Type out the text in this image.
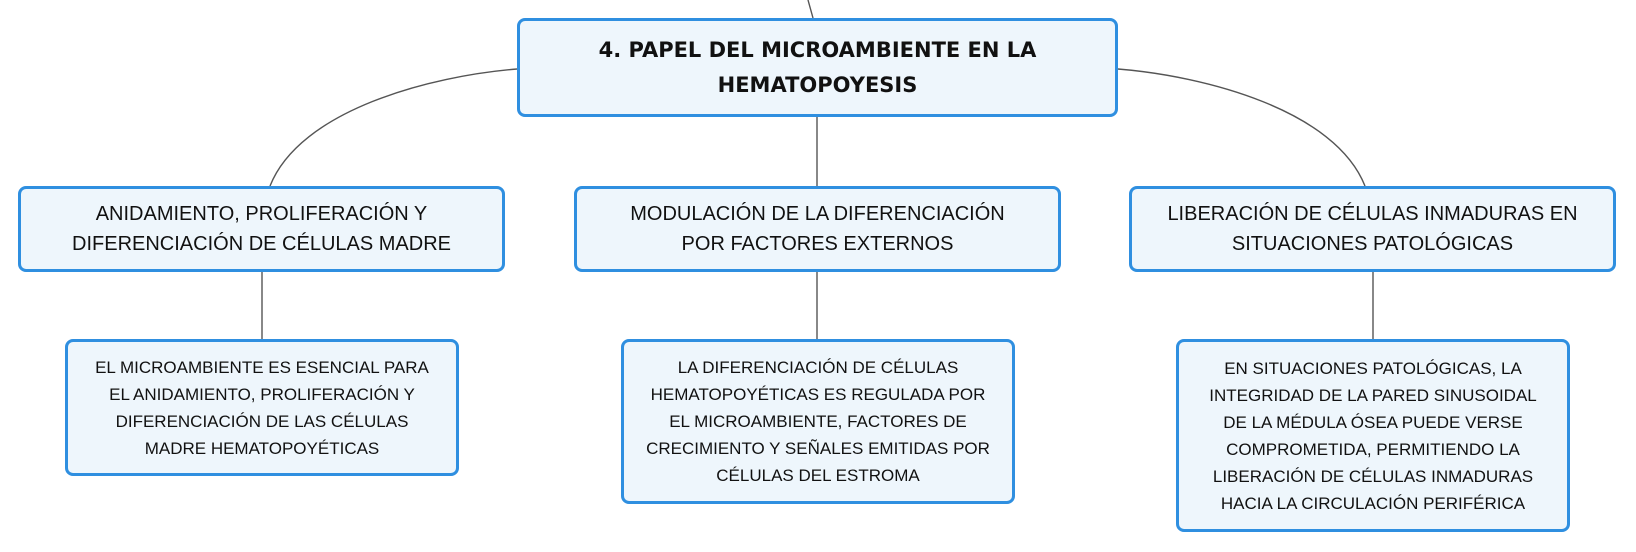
4. PAPEL DEL MICROAMBIENTE EN LA HEMATOPOYESIS
ANIDAMIENTO, PROLIFERACIÓN Y DIFERENCIACIÓN DE CÉLULAS MADRE
MODULACIÓN DE LA DIFERENCIACIÓN POR FACTORES EXTERNOS
LIBERACIÓN DE CÉLULAS INMADURAS EN SITUACIONES PATOLÓGICAS
EL MICROAMBIENTE ES ESENCIAL PARA EL ANIDAMIENTO, PROLIFERACIÓN Y DIFERENCIACIÓN DE LAS CÉLULAS MADRE HEMATOPOYÉTICAS
LA DIFERENCIACIÓN DE CÉLULAS HEMATOPOYÉTICAS ES REGULADA POR EL MICROAMBIENTE, FACTORES DE CRECIMIENTO Y SEÑALES EMITIDAS POR CÉLULAS DEL ESTROMA
EN SITUACIONES PATOLÓGICAS, LA INTEGRIDAD DE LA PARED SINUSOIDAL DE LA MÉDULA ÓSEA PUEDE VERSE COMPROMETIDA, PERMITIENDO LA LIBERACIÓN DE CÉLULAS INMADURAS HACIA LA CIRCULACIÓN PERIFÉRICA
